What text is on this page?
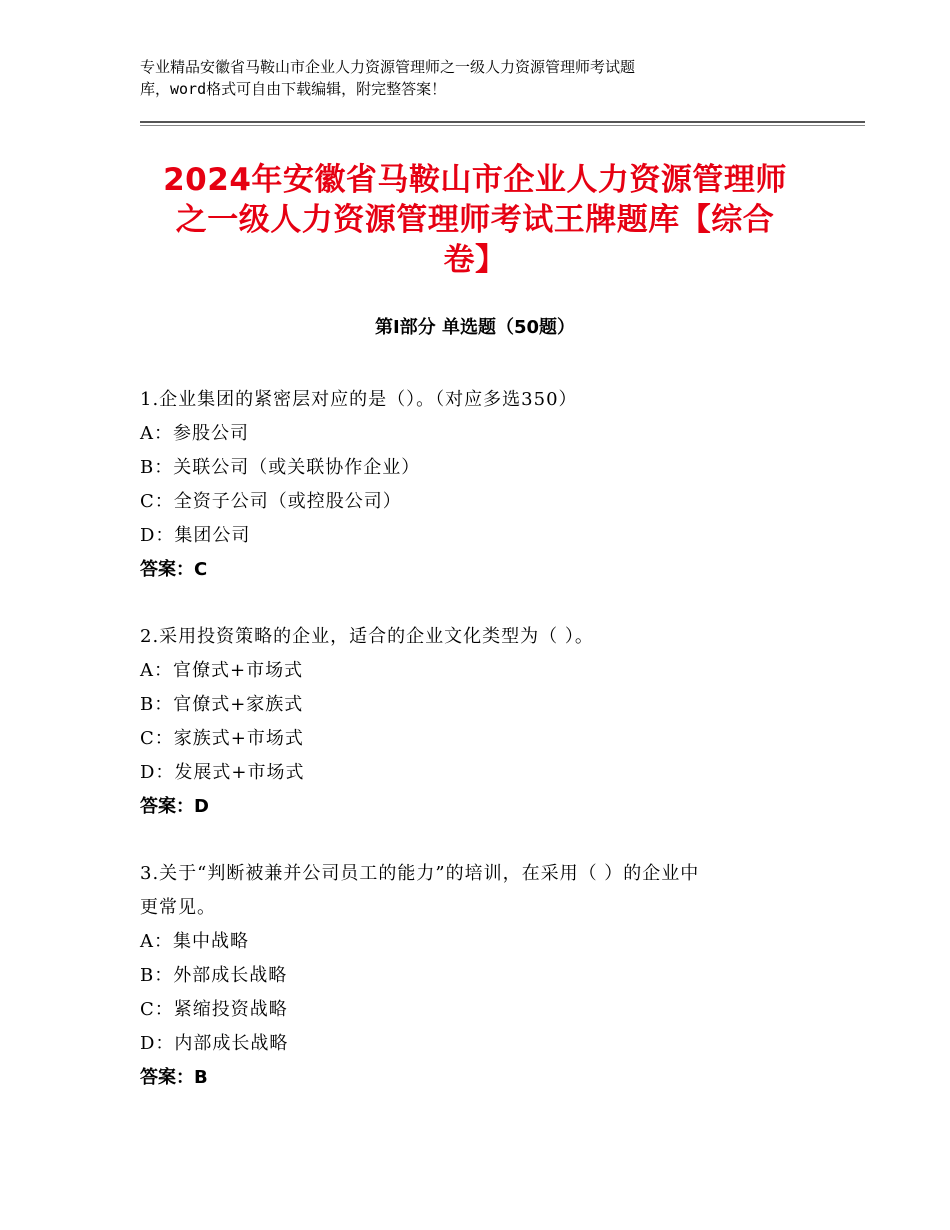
专业精品安徽省马鞍山市企业人力资源管理师之一级人力资源管理师考试题
库，word格式可自由下载编辑，附完整答案！
2024年安徽省马鞍山市企业人力资源管理师
之一级人力资源管理师考试王牌题库【综合
卷】
第Ⅰ部分 单选题（50题）
1.企业集团的紧密层对应的是（）。（对应多选350）
A：参股公司
B：关联公司（或关联协作企业）
C：全资子公司（或控股公司）
D：集团公司
答案：C
2.采用投资策略的企业，适合的企业文化类型为（ ）。
A：官僚式+市场式
B：官僚式+家族式
C：家族式+市场式
D：发展式+市场式
答案：D
3.关于“判断被兼并公司员工的能力”的培训，在采用（ ）的企业中
更常见。
A：集中战略
B：外部成长战略
C：紧缩投资战略
D：内部成长战略
答案：B
